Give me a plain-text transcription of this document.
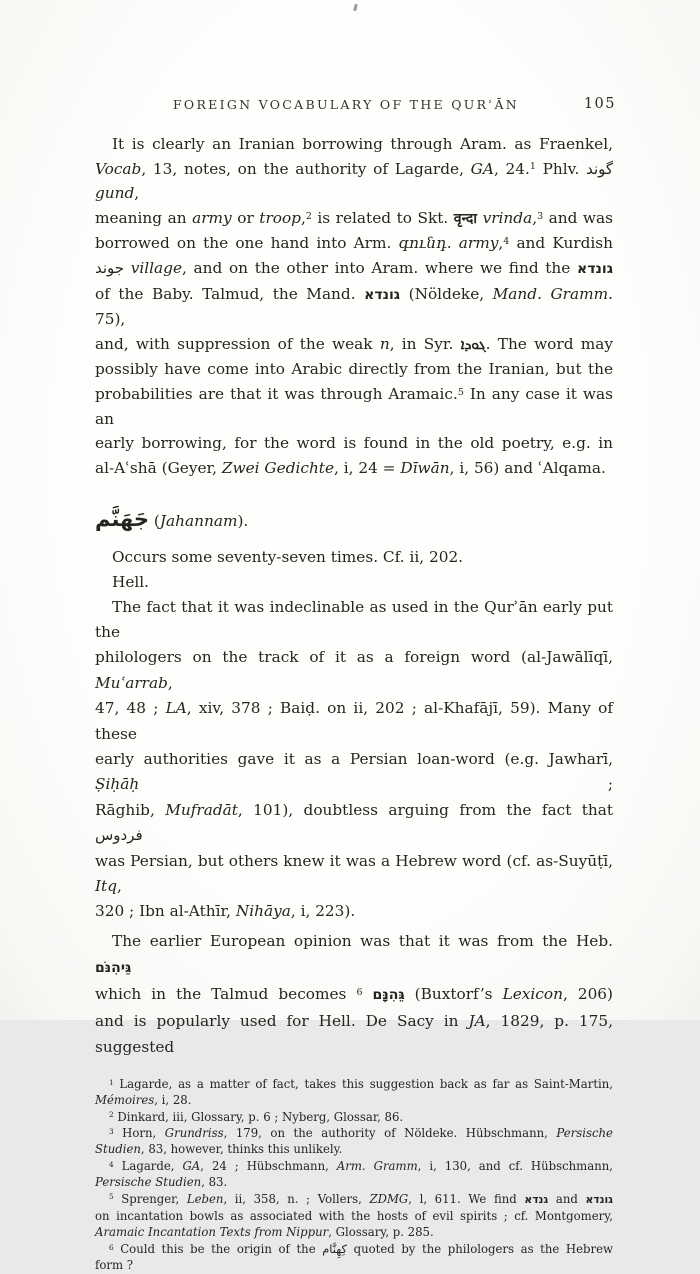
FOREIGN VOCABULARY OF THE QURʾĀN	105
It is clearly an Iranian borrowing through Aram. as Fraenkel,
Vocab, 13, notes, on the authority of Lagarde, GA, 24.$^1$ Phlv. گوند gund,
meaning an army or troop,$^2$ is related to Skt. वृन्दा vrinda,$^3$ and was
borrowed on the one hand into Arm. գունդ. army,$^4$ and Kurdish
جوند village, and on the other into Aram. where we find the גונדא
of the Baby. Talmud, the Mand. גונדא (Nöldeke, Mand. Gramm. 75),
and, with suppression of the weak n, in Syr. ܓܘܕܐ. The word may
possibly have come into Arabic directly from the Iranian, but the
probabilities are that it was through Aramaic.$^5$ In any case it was an
early borrowing, for the word is found in the old poetry, e.g. in
al-Aʿshā (Geyer, Zwei Gedichte, i, 24 = Dīwān, i, 56) and ʿAlqama.
جَهَنَّم (Jahannam).
Occurs some seventy-seven times. Cf. ii, 202.
Hell.
The fact that it was indeclinable as used in the Qurʾān early put the
philologers on the track of it as a foreign word (al-Jawālīqī, Muʿarrab,
47, 48 ; LA, xiv, 378 ; Baiḍ. on ii, 202 ; al-Khafājī, 59). Many of these
early authorities gave it as a Persian loan-word (e.g. Jawharī, Ṣiḥāḥ ;
Rāghib, Mufradāt, 101), doubtless arguing from the fact that فردوس
was Persian, but others knew it was a Hebrew word (cf. as-Suyūṭī, Itq,
320 ; Ibn al-Athīr, Nihāya, i, 223).
The earlier European opinion was that it was from the Heb. גֵּיהִנֹּם
which in the Talmud becomes גֵּהִנָּם $^6$	(Buxtorf’s Lexicon, 206)
and is popularly used for Hell. De Sacy in JA, 1829, p. 175, suggested
$^1$ Lagarde, as a matter of fact, takes this suggestion back as far as Saint-Martin,
Mémoires, i, 28.
$^2$ Dinkard, iii, Glossary, p. 6 ; Nyberg, Glossar, 86.
$^3$ Horn, Grundriss, 179, on the authority of Nöldeke. Hübschmann, Persische
Studien, 83, however, thinks this unlikely.
$^4$ Lagarde, GA, 24 ; Hübschmann, Arm. Gramm, i, 130, and cf. Hübschmann,
Persische Studien, 83.
$^5$ Sprenger, Leben, ii, 358, n. ; Vollers, ZDMG, l, 611. We find גנדא and גונדא
on incantation bowls as associated with the hosts of evil spirits ; cf. Montgomery,
Aramaic Incantation Texts from Nippur, Glossary, p. 285.
$^6$ Could this be the origin of the كِهِنَّام quoted by the philologers as the Hebrew
form ?
